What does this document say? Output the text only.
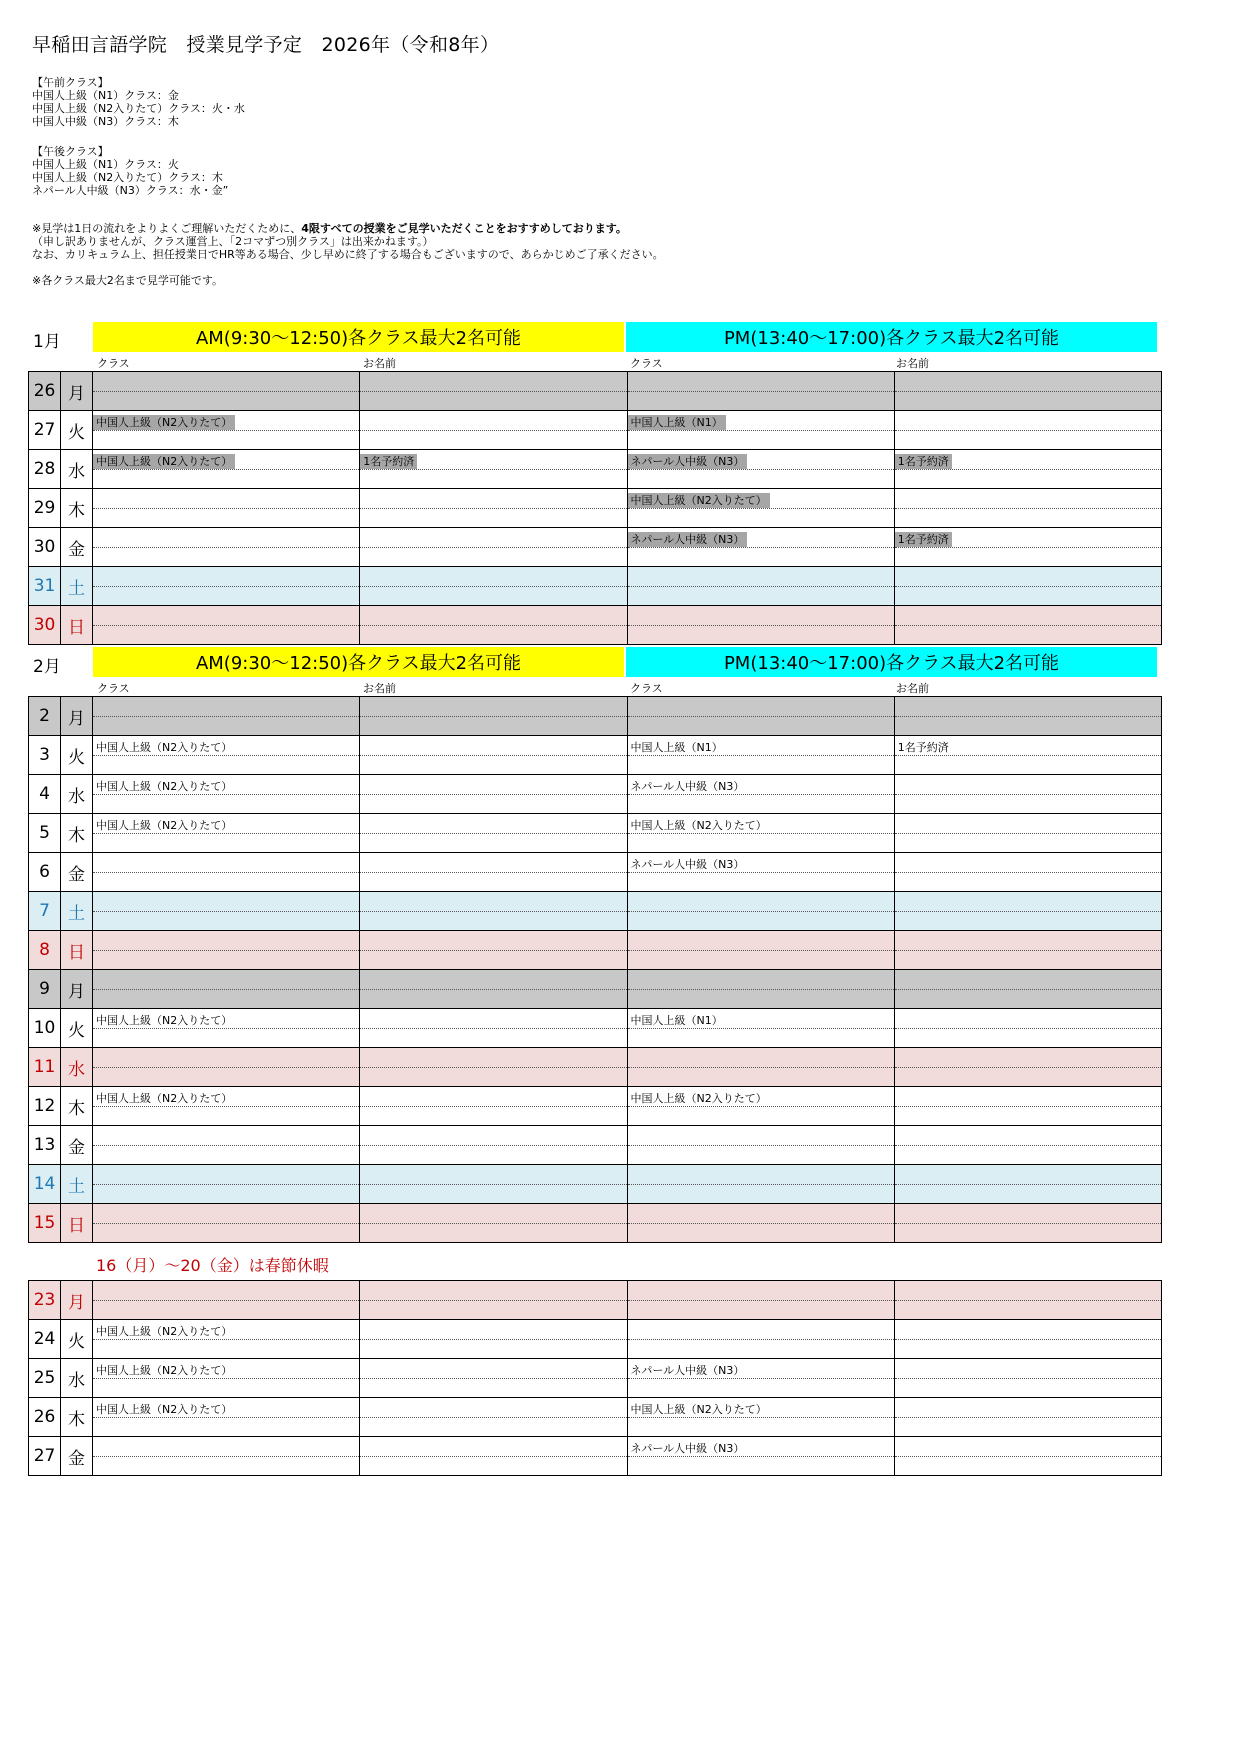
早稲田言語学院　授業見学予定　2026年（令和8年）
【午前クラス】
中国人上級（N1）クラス：金
中国人上級（N2入りたて）クラス：火・水
中国人中級（N3）クラス：木
【午後クラス】
中国人上級（N1）クラス：火
中国人上級（N2入りたて）クラス：木
ネパール人中級（N3）クラス：水・金”
※見学は1日の流れをよりよくご理解いただくために、4限すべての授業をご見学いただくことをおすすめしております。
（申し訳ありませんが、クラス運営上、「2コマずつ別クラス」は出来かねます。）
なお、カリキュラム上、担任授業日でHR等ある場合、少し早めに終了する場合もございますので、あらかじめご了承ください。
※各クラス最大2名まで見学可能です。
1月	AM(9:30～12:50)各クラス最大2名可能	PM(13:40～17:00)各クラス最大2名可能
クラス	お名前	クラス	お名前
26	月				
27	火	中国人上級（N2入りたて）		中国人上級（N1）	
28	水	中国人上級（N2入りたて）	1名予約済	ネパール人中級（N3）	1名予約済
29	木			中国人上級（N2入りたて）	
30	金			ネパール人中級（N3）	1名予約済
31	土				
30	日				
2月	AM(9:30～12:50)各クラス最大2名可能	PM(13:40～17:00)各クラス最大2名可能
クラス	お名前	クラス	お名前
2	月				
3	火	中国人上級（N2入りたて）		中国人上級（N1）	1名予約済
4	水	中国人上級（N2入りたて）		ネパール人中級（N3）	
5	木	中国人上級（N2入りたて）		中国人上級（N2入りたて）	
6	金			ネパール人中級（N3）	
7	土				
8	日				
9	月				
10	火	中国人上級（N2入りたて）		中国人上級（N1）	
11	水				
12	木	中国人上級（N2入りたて）		中国人上級（N2入りたて）	
13	金				
14	土				
15	日				
16（月）～20（金）は春節休暇
23	月				
24	火	中国人上級（N2入りたて）			
25	水	中国人上級（N2入りたて）		ネパール人中級（N3）	
26	木	中国人上級（N2入りたて）		中国人上級（N2入りたて）	
27	金			ネパール人中級（N3）	
